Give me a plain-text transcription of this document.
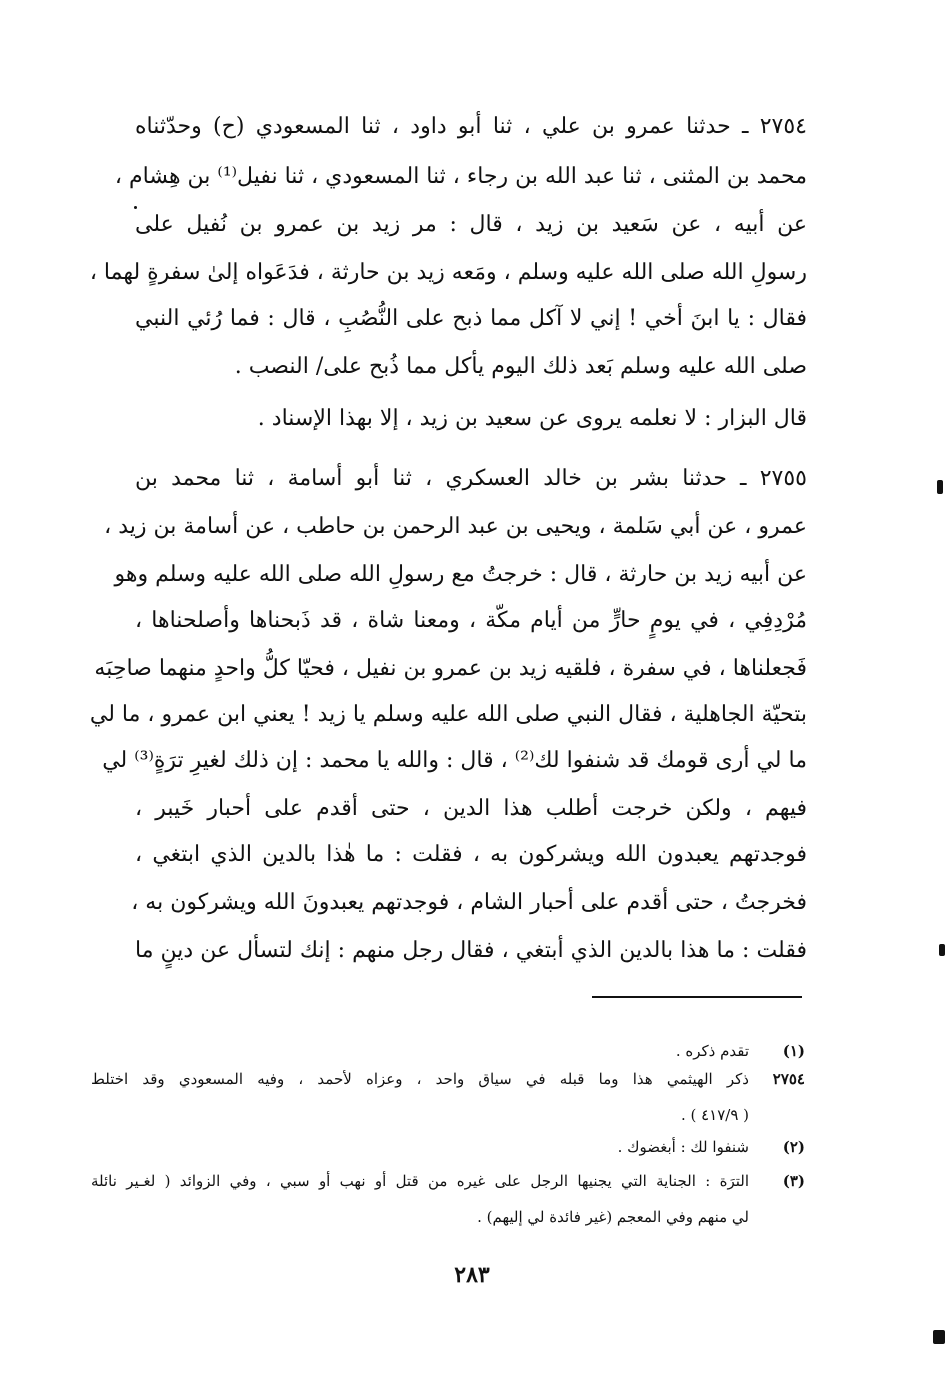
٢٧٥٤ ـ حدثنا عمرو بن علي ، ثنا أبو داود ، ثنا المسعودي (ح) وحدّثناه
محمد بن المثنى ، ثنا عبد الله بن رجاء ، ثنا المسعودي ، ثنا نفيل⁽¹⁾ بن هِشام ،
عن أبيه ، عن سَعيد بن زيد ، قال : مر زيد بن عمرو بن نُفيل على
رسولِ الله صلى الله عليه وسلم ، ومَعه زيد بن حارثة ، فدَعَواه إلىٰ سفرةٍ لهما ،
فقال : يا ابنَ أخي ! إني لا آكل مما ذبح على النُّصُبِ ، قال : فما رُئي النبي
صلى الله عليه وسلم بَعد ذلك اليوم يأكل مما ذُبح على/ النصب .
قال البزار : لا نعلمه يروى عن سعيد بن زيد ، إلا بهذا الإسناد .
٢٧٥٥ ـ حدثنا بشر بن خالد العسكري ، ثنا أبو أسامة ، ثنا محمد بن
عمرو ، عن أبي سَلمة ، ويحيى بن عبد الرحمن بن حاطب ، عن أسامة بن زيد ،
عن أبيه زيد بن حارثة ، قال : خرجتُ مع رسولِ الله صلى الله عليه وسلم وهو
مُرْدِفِي ، في يومٍ حارٍّ من أيام مكّة ، ومعنا شاة ، قد ذَبحناها وأصلحناها ،
فَجعلناها ، في سفرة ، فلقيه زيد بن عمرو بن نفيل ، فحيّا كلُّ واحدٍ منهما صاحِبَه
بتحيّة الجاهلية ، فقال النبي صلى الله عليه وسلم يا زيد ! يعني ابن عمرو ، ما لي
ما لي أرى قومك قد شنفوا لك⁽²⁾ ، قال : والله يا محمد : إن ذلك لغيرِ ترَةٍ⁽³⁾ لي
فيهم ، ولكن خرجت أطلب هذا الدين ، حتى أقدم على أحبار خَيبر ،
فوجدتهم يعبدون الله ويشركون به ، فقلت : ما هٰذا بالدين الذي ابتغي ،
فخرجتُ ، حتى أقدم على أحبار الشام ، فوجدتهم يعبدونَ الله ويشركون به ،
فقلت : ما هذا بالدين الذي أبتغي ، فقال رجل منهم : إنك لتسأل عن دينٍ ما
(١)
تقدم ذكره .
٢٧٥٤
ذكر الهيثمي هذا وما قبله في سياق واحد ، وعزاه لأحمد ، وفيه المسعودي وقد اختلط
( ٤١٧/٩ ) .
(٢)
شنفوا لك : أبغضوك .
(٣)
الترَة : الجناية التي يجنيها الرجل على غيره من قتل أو نهب أو سبي ، وفي الزوائد ( لغـير نائلة
لي منهم وفي المعجم (غير فائدة لي إليهم) .
٢٨٣
